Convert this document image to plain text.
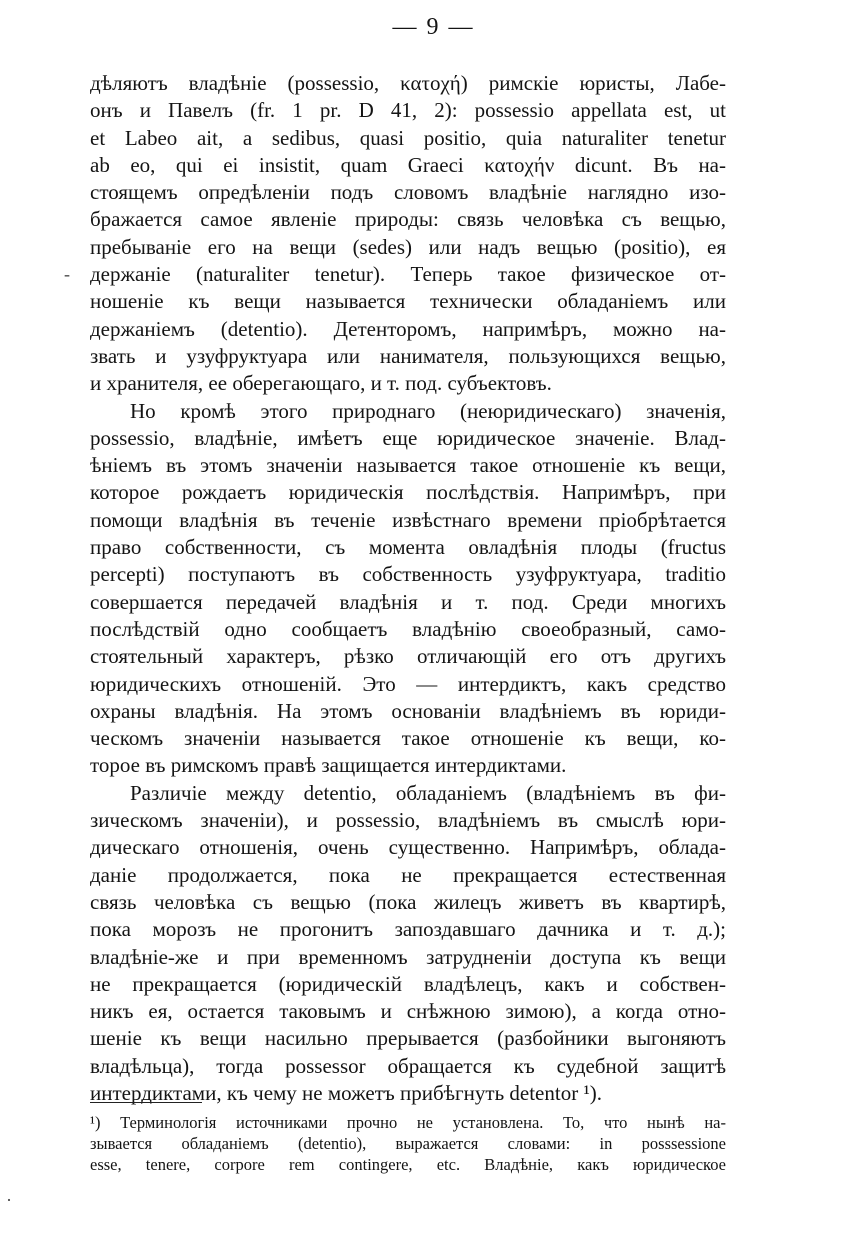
— 9 —
-
·
дѣляютъ владѣніе (possessio, κατοχή) римскіе юристы, Лабе-
онъ и Павелъ (fr. 1 pr. D 41, 2): possessio appellata est, ut
et Labeo ait, a sedibus, quasi positio, quia naturaliter tenetur
ab eo, qui ei insistit, quam Graeci κατοχήν dicunt. Въ на-
стоящемъ опредѣленіи подъ словомъ владѣніе наглядно изо-
бражается самое явленіе природы: связь человѣка съ вещью,
пребываніе его на вещи (sedes) или надъ вещью (positio), ея
держаніе (naturaliter tenetur). Теперь такое физическое от-
ношеніе къ вещи называется технически обладаніемъ или
держаніемъ (detentio). Детенторомъ, напримѣръ, можно на-
звать и узуфруктуара или нанимателя, пользующихся вещью,
и хранителя, ее оберегающаго, и т. под. субъектовъ.
Но кромѣ этого природнаго (неюридическаго) значенія,
possessio, владѣніе, имѣетъ еще юридическое значеніе. Влад-
ѣніемъ въ этомъ значеніи называется такое отношеніе къ вещи,
которое рождаетъ юридическія послѣдствія. Напримѣръ, при
помощи владѣнія въ теченіе извѣстнаго времени пріобрѣтается
право собственности, съ момента овладѣнія плоды (fructus
percepti) поступаютъ въ собственность узуфруктуара, traditio
совершается передачей владѣнія и т. под. Среди многихъ
послѣдствій одно сообщаетъ владѣнію своеобразный, само-
стоятельный характеръ, рѣзко отличающій его отъ другихъ
юридическихъ отношеній. Это — интердиктъ, какъ средство
охраны владѣнія. На этомъ основаніи владѣніемъ въ юриди-
ческомъ значеніи называется такое отношеніе къ вещи, ко-
торое въ римскомъ правѣ защищается интердиктами.
Различіе между detentio, обладаніемъ (владѣніемъ въ фи-
зическомъ значеніи), и possessio, владѣніемъ въ смыслѣ юри-
дическаго отношенія, очень существенно. Напримѣръ, облада-
даніе продолжается, пока не прекращается естественная
связь человѣка съ вещью (пока жилецъ живетъ въ квартирѣ,
пока морозъ не прогонитъ запоздавшаго дачника и т. д.);
владѣніе-же и при временномъ затрудненіи доступа къ вещи
не прекращается (юридическій владѣлецъ, какъ и собствен-
никъ ея, остается таковымъ и снѣжною зимою), а когда отно-
шеніе къ вещи насильно прерывается (разбойники выгоняютъ
владѣльца), тогда possessor обращается къ судебной защитѣ
интердиктами, къ чему не можетъ прибѣгнуть detentor ¹).
¹) Терминологія источниками прочно не установлена. То, что нынѣ на-
зывается обладаніемъ (detentio), выражается словами: in posssessione
esse, tenere, corpore rem contingere, etc. Владѣніе, какъ юридическое
